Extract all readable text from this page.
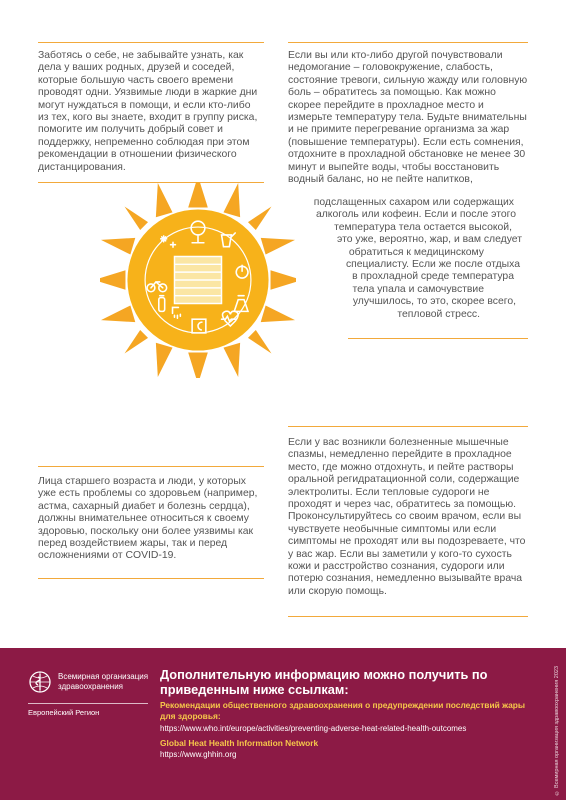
Заботясь о себе, не забывайте узнать, как дела у ваших родных, друзей и соседей, которые большую часть своего времени проводят одни. Уязвимые люди в жаркие дни могут нуждаться в помощи, и если кто-либо из тех, кого вы знаете, входит в группу риска, помогите им получить добрый совет и поддержку, непременно соблюдая при этом рекомендации в отношении физического дистанцирования.
Если вы или кто-либо другой почувствовали недомогание – головокружение, слабость, состояние тревоги, сильную жажду или головную боль – обратитесь за помощью. Как можно скорее перейдите в прохладное место и измерьте температуру тела. Будьте внимательны и не примите перегревание организма за жар (повышение температуры). Если есть сомнения, отдохните в прохладной обстановке не менее 30 минут и выпейте воды, чтобы восстановить водный баланс, но не пейте напитков,
подслащенных сахаром или содержащих
алкоголь или кофеин. Если и после этого
температура тела остается высокой,
это уже, вероятно, жар, и вам следует
обратиться к медицинскому
специалисту. Если же после отдыха
в прохладной среде температура
тела упала и самочувствие
улучшилось, то это, скорее всего,
тепловой стресс.
Если у вас возникли болезненные мышечные спазмы, немедленно перейдите в прохладное место, где можно отдохнуть, и пейте растворы оральной регидратационной соли, содержащие электролиты. Если тепловые судороги не проходят и через час, обратитесь за помощью. Проконсультируйтесь со своим врачом, если вы чувствуете необычные симптомы или если симптомы не проходят или вы подозреваете, что у вас жар. Если вы заметили у кого-то сухость кожи и расстройство сознания, судороги или потерю сознания, немедленно вызывайте врача или скорую помощь.
Лица старшего возраста и люди, у которых уже есть проблемы со здоровьем (например, астма, сахарный диабет и болезнь сердца), должны внимательнее относиться к своему здоровью, поскольку они более уязвимы как перед воздействием жары, так и перед осложнениями от COVID-19.
Всемирная организация здравоохранения
Европейский Регион
Дополнительную информацию можно получить по приведенным ниже ссылкам:
Рекомендации общественного здравоохранения о предупреждении последствий жары для здоровья:
https://www.who.int/europe/activities/preventing-adverse-heat-related-health-outcomes
Global Heat Health Information Network
https://www.ghhin.org	© Всемирная организация здравоохранения 2023
